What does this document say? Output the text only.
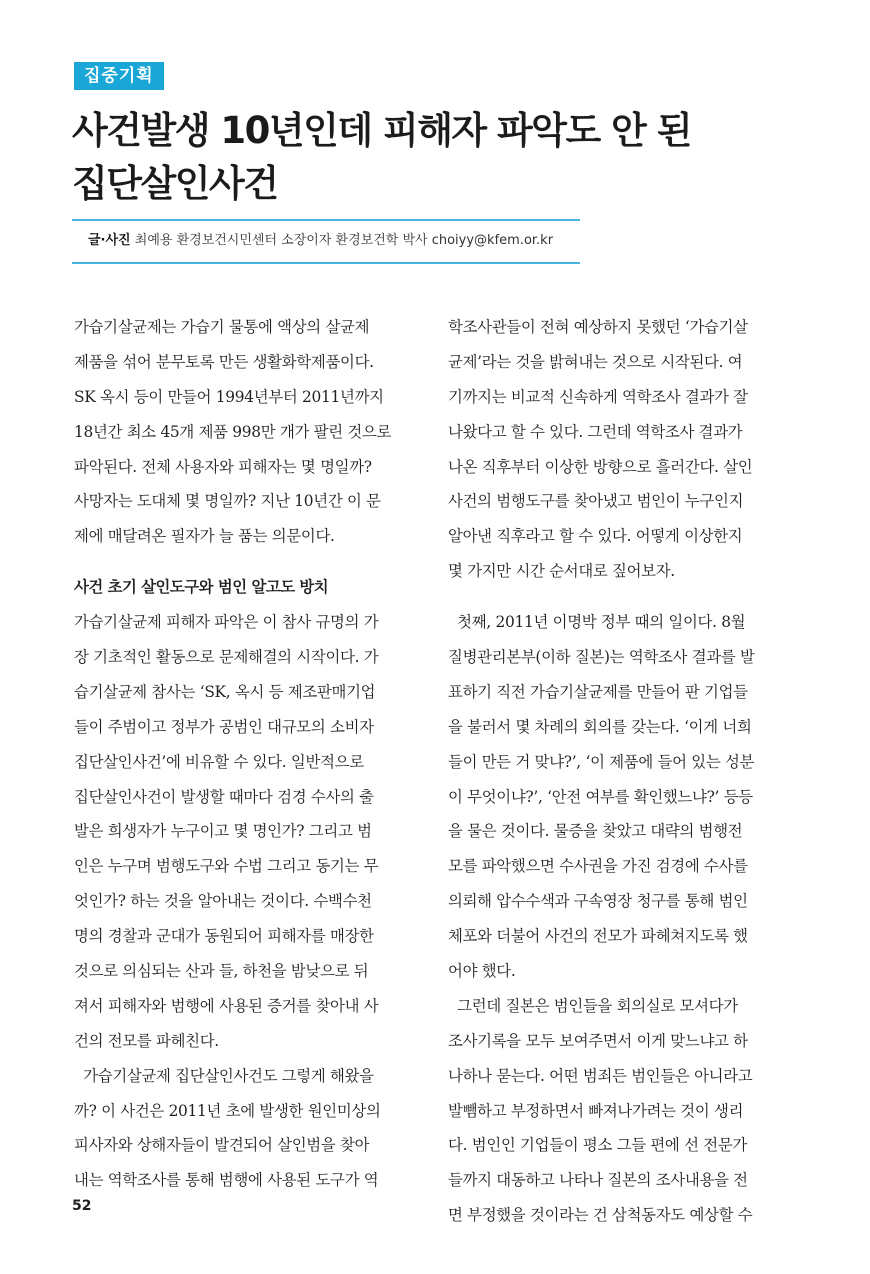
집중기획
사건발생 10년인데 피해자 파악도 안 된
집단살인사건
글·사진 최예용 환경보건시민센터 소장이자 환경보건학 박사 choiyy@kfem.or.kr
가습기살균제는 가습기 물통에 액상의 살균제
제품을 섞어 분무토록 만든 생활화학제품이다.
SK 옥시 등이 만들어 1994년부터 2011년까지
18년간 최소 45개 제품 998만 개가 팔린 것으로
파악된다. 전체 사용자와 피해자는 몇 명일까?
사망자는 도대체 몇 명일까? 지난 10년간 이 문
제에 매달려온 필자가 늘 품는 의문이다.
사건 초기 살인도구와 범인 알고도 방치
가습기살균제 피해자 파악은 이 참사 규명의 가
장 기초적인 활동으로 문제해결의 시작이다. 가
습기살균제 참사는 ‘SK, 옥시 등 제조판매기업
들이 주범이고 정부가 공범인 대규모의 소비자
집단살인사건’에 비유할 수 있다. 일반적으로
집단살인사건이 발생할 때마다 검경 수사의 출
발은 희생자가 누구이고 몇 명인가? 그리고 범
인은 누구며 범행도구와 수법 그리고 동기는 무
엇인가? 하는 것을 알아내는 것이다. 수백수천
명의 경찰과 군대가 동원되어 피해자를 매장한
것으로 의심되는 산과 들, 하천을 밤낮으로 뒤
져서 피해자와 범행에 사용된 증거를 찾아내 사
건의 전모를 파헤친다.
가습기살균제 집단살인사건도 그렇게 해왔을
까? 이 사건은 2011년 초에 발생한 원인미상의
피사자와 상해자들이 발견되어 살인범을 찾아
내는 역학조사를 통해 범행에 사용된 도구가 역
학조사관들이 전혀 예상하지 못했던 ‘가습기살
균제’라는 것을 밝혀내는 것으로 시작된다. 여
기까지는 비교적 신속하게 역학조사 결과가 잘
나왔다고 할 수 있다. 그런데 역학조사 결과가
나온 직후부터 이상한 방향으로 흘러간다. 살인
사건의 범행도구를 찾아냈고 범인이 누구인지
알아낸 직후라고 할 수 있다. 어떻게 이상한지
몇 가지만 시간 순서대로 짚어보자.
첫째, 2011년 이명박 정부 때의 일이다. 8월
질병관리본부(이하 질본)는 역학조사 결과를 발
표하기 직전 가습기살균제를 만들어 판 기업들
을 불러서 몇 차례의 회의를 갖는다. ‘이게 너희
들이 만든 거 맞냐?’, ‘이 제품에 들어 있는 성분
이 무엇이냐?’, ‘안전 여부를 확인했느냐?’ 등등
을 물은 것이다. 물증을 찾았고 대략의 범행전
모를 파악했으면 수사권을 가진 검경에 수사를
의뢰해 압수수색과 구속영장 청구를 통해 범인
체포와 더불어 사건의 전모가 파헤쳐지도록 했
어야 했다.
그런데 질본은 범인들을 회의실로 모셔다가
조사기록을 모두 보여주면서 이게 맞느냐고 하
나하나 묻는다. 어떤 범죄든 범인들은 아니라고
발뺌하고 부정하면서 빠져나가려는 것이 생리
다. 범인인 기업들이 평소 그들 편에 선 전문가
들까지 대동하고 나타나 질본의 조사내용을 전
면 부정했을 것이라는 건 삼척동자도 예상할 수
52
